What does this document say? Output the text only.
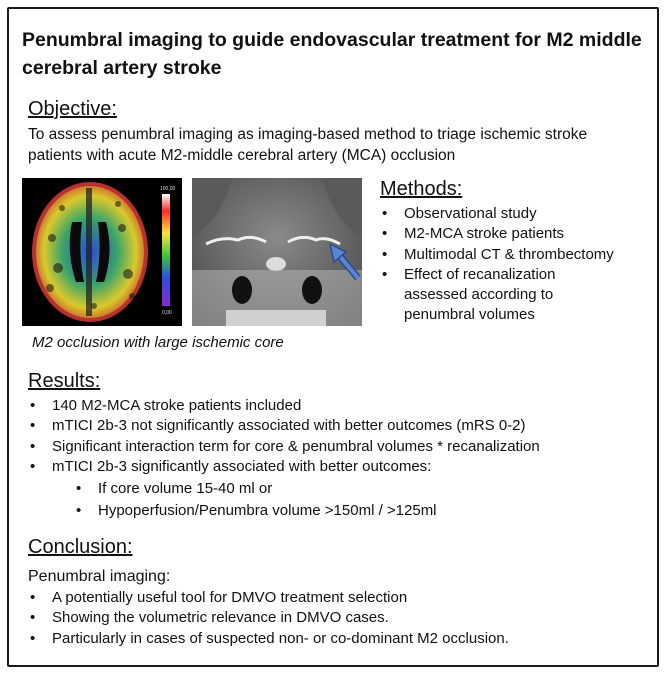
Penumbral imaging to guide endovascular treatment for M2 middle cerebral artery stroke
Objective:
To assess penumbral imaging as imaging-based method to triage ischemic stroke patients with acute M2-middle cerebral artery (MCA) occlusion
100,00
0,00
M2 occlusion with large ischemic core
Methods:
• Observational study
• M2-MCA stroke patients
• Multimodal CT & thrombectomy
• Effect of recanalization assessed according to penumbral volumes
Results:
• 140 M2-MCA stroke patients included
• mTICI 2b-3 not significantly associated with better outcomes (mRS 0-2)
• Significant interaction term for core & penumbral volumes * recanalization
• mTICI 2b-3 significantly associated with better outcomes:
• If core volume 15-40 ml or
• Hypoperfusion/Penumbra volume >150ml / >125ml
Conclusion:
Penumbral imaging:
• A potentially useful tool for DMVO treatment selection
• Showing the volumetric relevance in DMVO cases.
• Particularly in cases of suspected non- or co-dominant M2 occlusion.
